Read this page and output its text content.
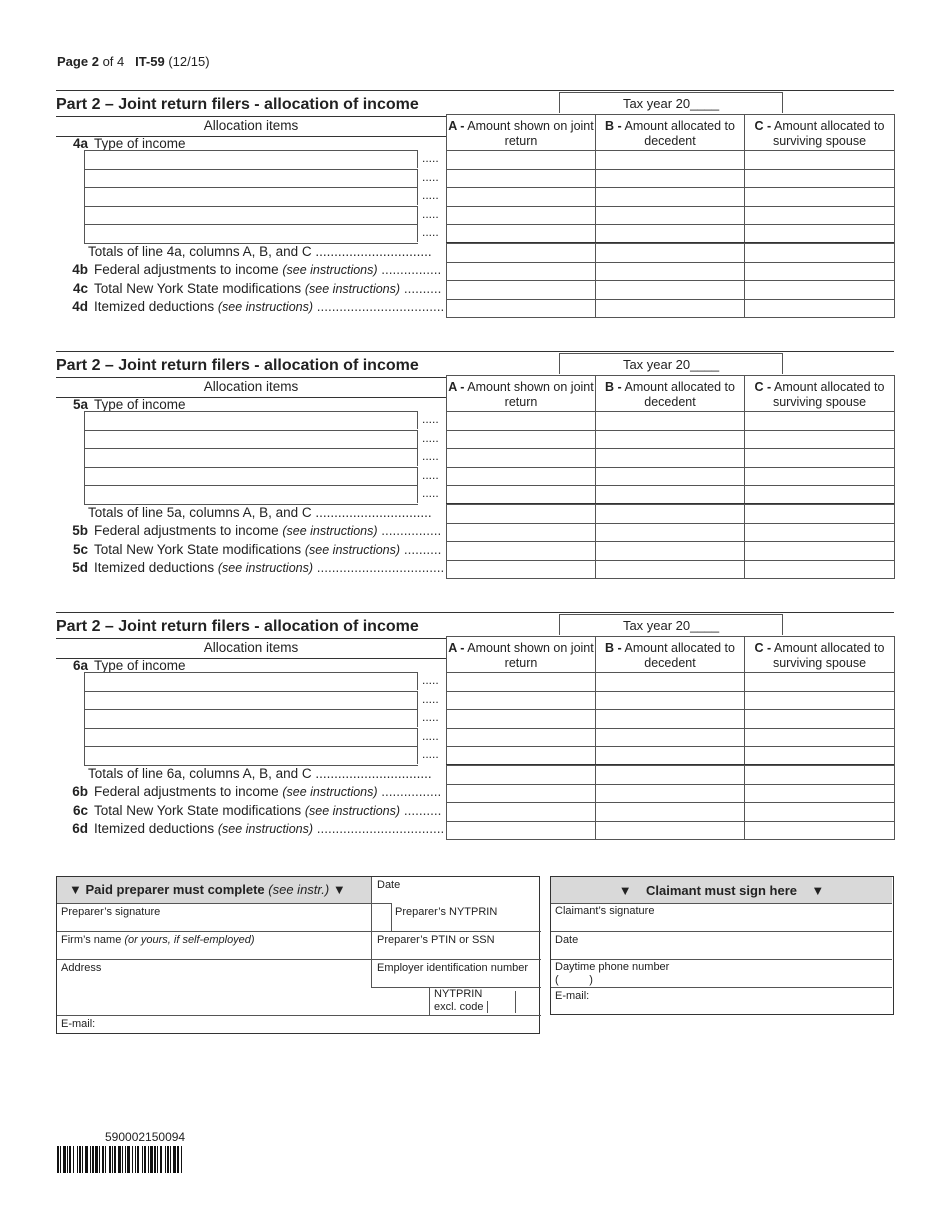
Page 2 of 4 IT-59 (12/15)
Part 2 – Joint return filers - allocation of income	Tax year 20____
Allocation items	A - Amount shown on joint return
B - Amount allocated to decedent
C - Amount allocated to surviving spouse
4a Type of income
.....
.....
.....
.....
.....
Totals of line 4a, columns A, B, and C ...............................
4b Federal adjustments to income (see instructions) ................
4c Total New York State modifications (see instructions) ..........
4d Itemized deductions (see instructions) ..................................
Part 2 – Joint return filers - allocation of income	Tax year 20____
Allocation items	A - Amount shown on joint return
B - Amount allocated to decedent
C - Amount allocated to surviving spouse
5a Type of income
.....
.....
.....
.....
.....
Totals of line 5a, columns A, B, and C ...............................
5b Federal adjustments to income (see instructions) ................
5c Total New York State modifications (see instructions) ..........
5d Itemized deductions (see instructions) ..................................
Part 2 – Joint return filers - allocation of income	Tax year 20____
Allocation items	A - Amount shown on joint return
B - Amount allocated to decedent
C - Amount allocated to surviving spouse
6a Type of income
.....
.....
.....
.....
.....
Totals of line 6a, columns A, B, and C ...............................
6b Federal adjustments to income (see instructions) ................
6c Total New York State modifications (see instructions) ..........
6d Itemized deductions (see instructions) ..................................
▼ Paid preparer must complete (see instr.) ▼	Date
Preparer’s signature	Preparer’s NYTPRIN
Firm’s name (or yours, if self-employed)	Preparer’s PTIN or SSN
Address	Employer identification number
NYTPRIN
excl. code
E-mail:
▼    Claimant must sign here    ▼
Claimant’s signature
Date
Daytime phone number
(          )
E-mail:
590002150094
